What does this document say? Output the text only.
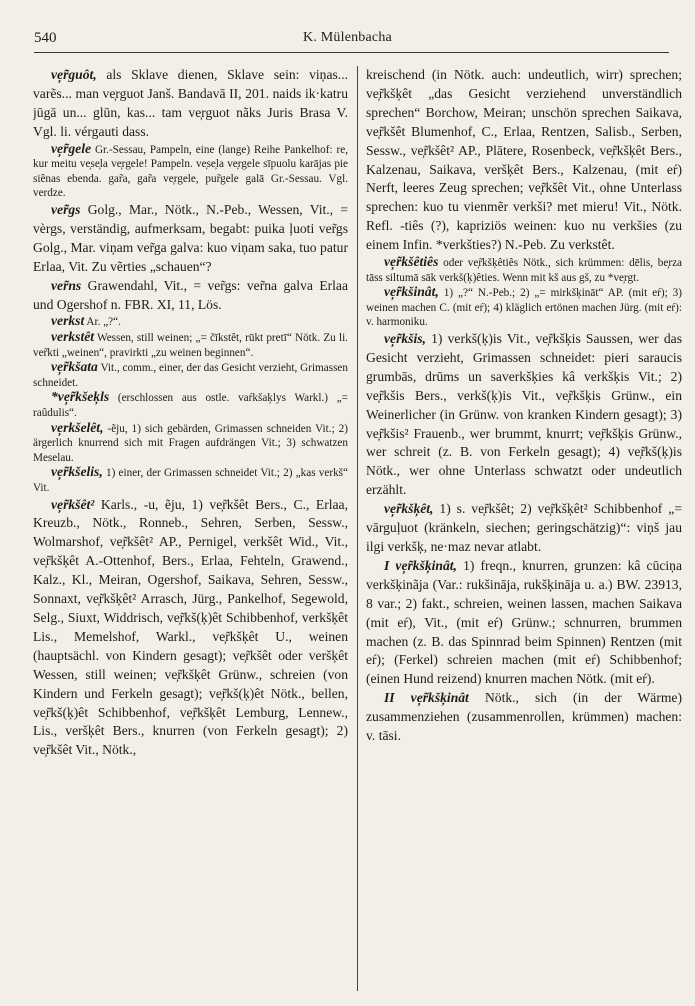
540	K. Mülenbacha

ve̦r̃guôt, als Sklave dienen, Sklave sein: viņas... varẽs... man ve̦rguot Janš. Bandavā II, 201. naids ik·katru jūgā un... glūn, kas... tam ve̦rguot nãks Juris Brasa V. Vgl. li. vérgauti dass.

ve̦r̃gele Gr.-Sessau, Pampeln, eine (lange) Reihe Pankelhof: re, kur meitu ve̦se̦la ve̦rgele! Pampeln. ve̦se̦la ve̦rgele sīpuolu karājas pie siênas ebenda. gar̃a, gar̃a ve̦rgele, pur̃gele galā Gr.-Sessau. Vgl. verdze.

ver̃gs Golg., Mar., Nötk., N.-Peb., Wessen, Vit., = vèrgs, verständig, aufmerksam, begabt: puika ļuoti ver̃gs Golg., Mar. viņam ver̃ga galva: kuo viņam saka, tuo patur Erlaa, Vit. Zu vẽrties „schauen“?

ver̃ns Grawendahl, Vit., = ver̃gs: ver̃na galva Erlaa und Ogershof n. FBR. XI, 11, Lös.

verkst Ar. „?“.

verkstêt Wessen, still weinen; „= čīkstêt, rūkt pretī“ Nötk. Zu li. ver̃kti „weinen“, pravirkti „zu weinen beginnen“.

ve̦r̃kšata Vit., comm., einer, der das Gesicht verzieht, Grimassen schneidet.

*ve̦r̃kšeķls (erschlossen aus ostle. vaŕkšaķlys Warkl.) „= raûdulis“.

ve̦rkšelêt, -ẽju, 1) sich gebärden, Grimassen schneiden Vit.; 2) ärgerlich knurrend sich mit Fragen aufdrängen Vit.; 3) schwatzen Meselau.

ve̦r̃kšelis, 1) einer, der Grimassen schneidet Vit.; 2) „kas verkš“ Vit.

ve̦r̃kšêt² Karls., -u, ẽju, 1) ve̦r̃kšêt Bers., C., Erlaa, Kreuzb., Nötk., Ronneb., Sehren, Serben, Sessw., Wolmarshof, ve̦r̃kšêt² AP., Pernigel, verkšêt Wid., Vit., ve̦r̃kšķêt A.-Ottenhof, Bers., Erlaa, Fehteln, Grawend., Kalz., Kl., Meiran, Ogershof, Saikava, Sehren, Sessw., Sonnaxt, ve̦r̃kšķêt² Arrasch, Jürg., Pankelhof, Segewold, Selg., Siuxt, Widdrisch, ve̦r̃kš(ķ)êt Schibbenhof, verkšķêt Lis., Memelshof, Warkl., ve̦r̃kšķêt U., weinen (hauptsächl. von Kindern gesagt); ve̦r̃kšêt oder veršķêt Wessen, still weinen; ve̦r̃kšķêt Grünw., schreien (von Kindern und Ferkeln gesagt); ve̦r̃kš(ķ)êt Nötk., bellen, ve̦r̃kš(ķ)êt Schibbenhof, ve̦r̃kšķêt Lemburg, Lennew., Lis., veršķêt Bers., knurren (von Ferkeln gesagt); 2) ve̦r̃kšêt Vit., Nötk.,

kreischend (in Nötk. auch: undeutlich, wirr) sprechen; ve̦r̃kšķêt „das Gesicht verziehend unverständlich sprechen“ Borchow, Meiran; unschön sprechen Saikava, ve̦r̃kšêt Blumenhof, C., Erlaa, Rentzen, Salisb., Serben, Sessw., ve̦r̃kšêt² AP., Plātere, Rosenbeck, ve̦r̃kšķêt Bers., Kalzenau, Saikava, veršķêt Bers., Kalzenau, (mit eŕ) Nerft, leeres Zeug sprechen; ve̦r̃kšêt Vit., ohne Unterlass sprechen: kuo tu vienmẽr verkši? met mieru! Vit., Nötk. Refl. -tiês (?), kapriziös weinen: kuo nu verkšies (zu einem Infin. *verkšties?) N.-Peb. Zu verkstêt.

ve̦r̃kšêtiês oder ve̦r̃kšķêtiês Nötk., sich krümmen: dēlis, be̦rza tāss siltumā sāk verkš(ķ)êties. Wenn mit kš aus gš, zu *ve̦rgt.

ve̦r̃kšinât, 1) „?“ N.-Peb.; 2) „= mirkšķināt“ AP. (mit eŕ); 3) weinen machen C. (mit eŕ); 4) kläglich ertönen machen Jürg. (mit eŕ): v. harmoniku.

ve̦r̃kšis, 1) verkš(ķ)is Vit., ve̦r̃kšķis Saussen, wer das Gesicht verzieht, Grimassen schneidet: pieri saraucis grumbās, drūms un saverkšķies kâ verkšķis Vit.; 2) ve̦r̃kšis Bers., verkš(ķ)is Vit., ve̦r̃kšķis Grünw., ein Weinerlicher (in Grünw. von kranken Kindern gesagt); 3) ve̦r̃kšis² Frauenb., wer brummt, knurrt; ve̦r̃kšķis Grünw., wer schreit (z. B. von Ferkeln gesagt); 4) ve̦r̃kš(ķ)is Nötk., wer ohne Unterlass schwatzt oder undeutlich erzählt.

ve̦r̃kšķêt, 1) s. ve̦r̃kšêt; 2) ve̦r̃kšķêt² Schibbenhof „= vārguļuot (kränkeln, siechen; geringschätzig)“: viņš jau ilgi verkšķ, ne·maz nevar atlabt.

I ve̦r̃kšķinât, 1) freqn., knurren, grunzen: kâ cūciņa verkšķinãja (Var.: rukšināja, rukšķināja u. a.) BW. 23913, 8 var.; 2) fakt., schreien, weinen lassen, machen Saikava (mit eŕ), Vit., (mit eŕ) Grünw.; schnurren, brummen machen (z. B. das Spinnrad beim Spinnen) Rentzen (mit eŕ); (Ferkel) schreien machen (mit eŕ) Schibbenhof; (einen Hund reizend) knurren machen Nötk. (mit eŕ).

II ve̦r̃kšķinât Nötk., sich (in der Wärme) zusammenziehen (zusammenrollen, krümmen) machen: v. tāsi.
